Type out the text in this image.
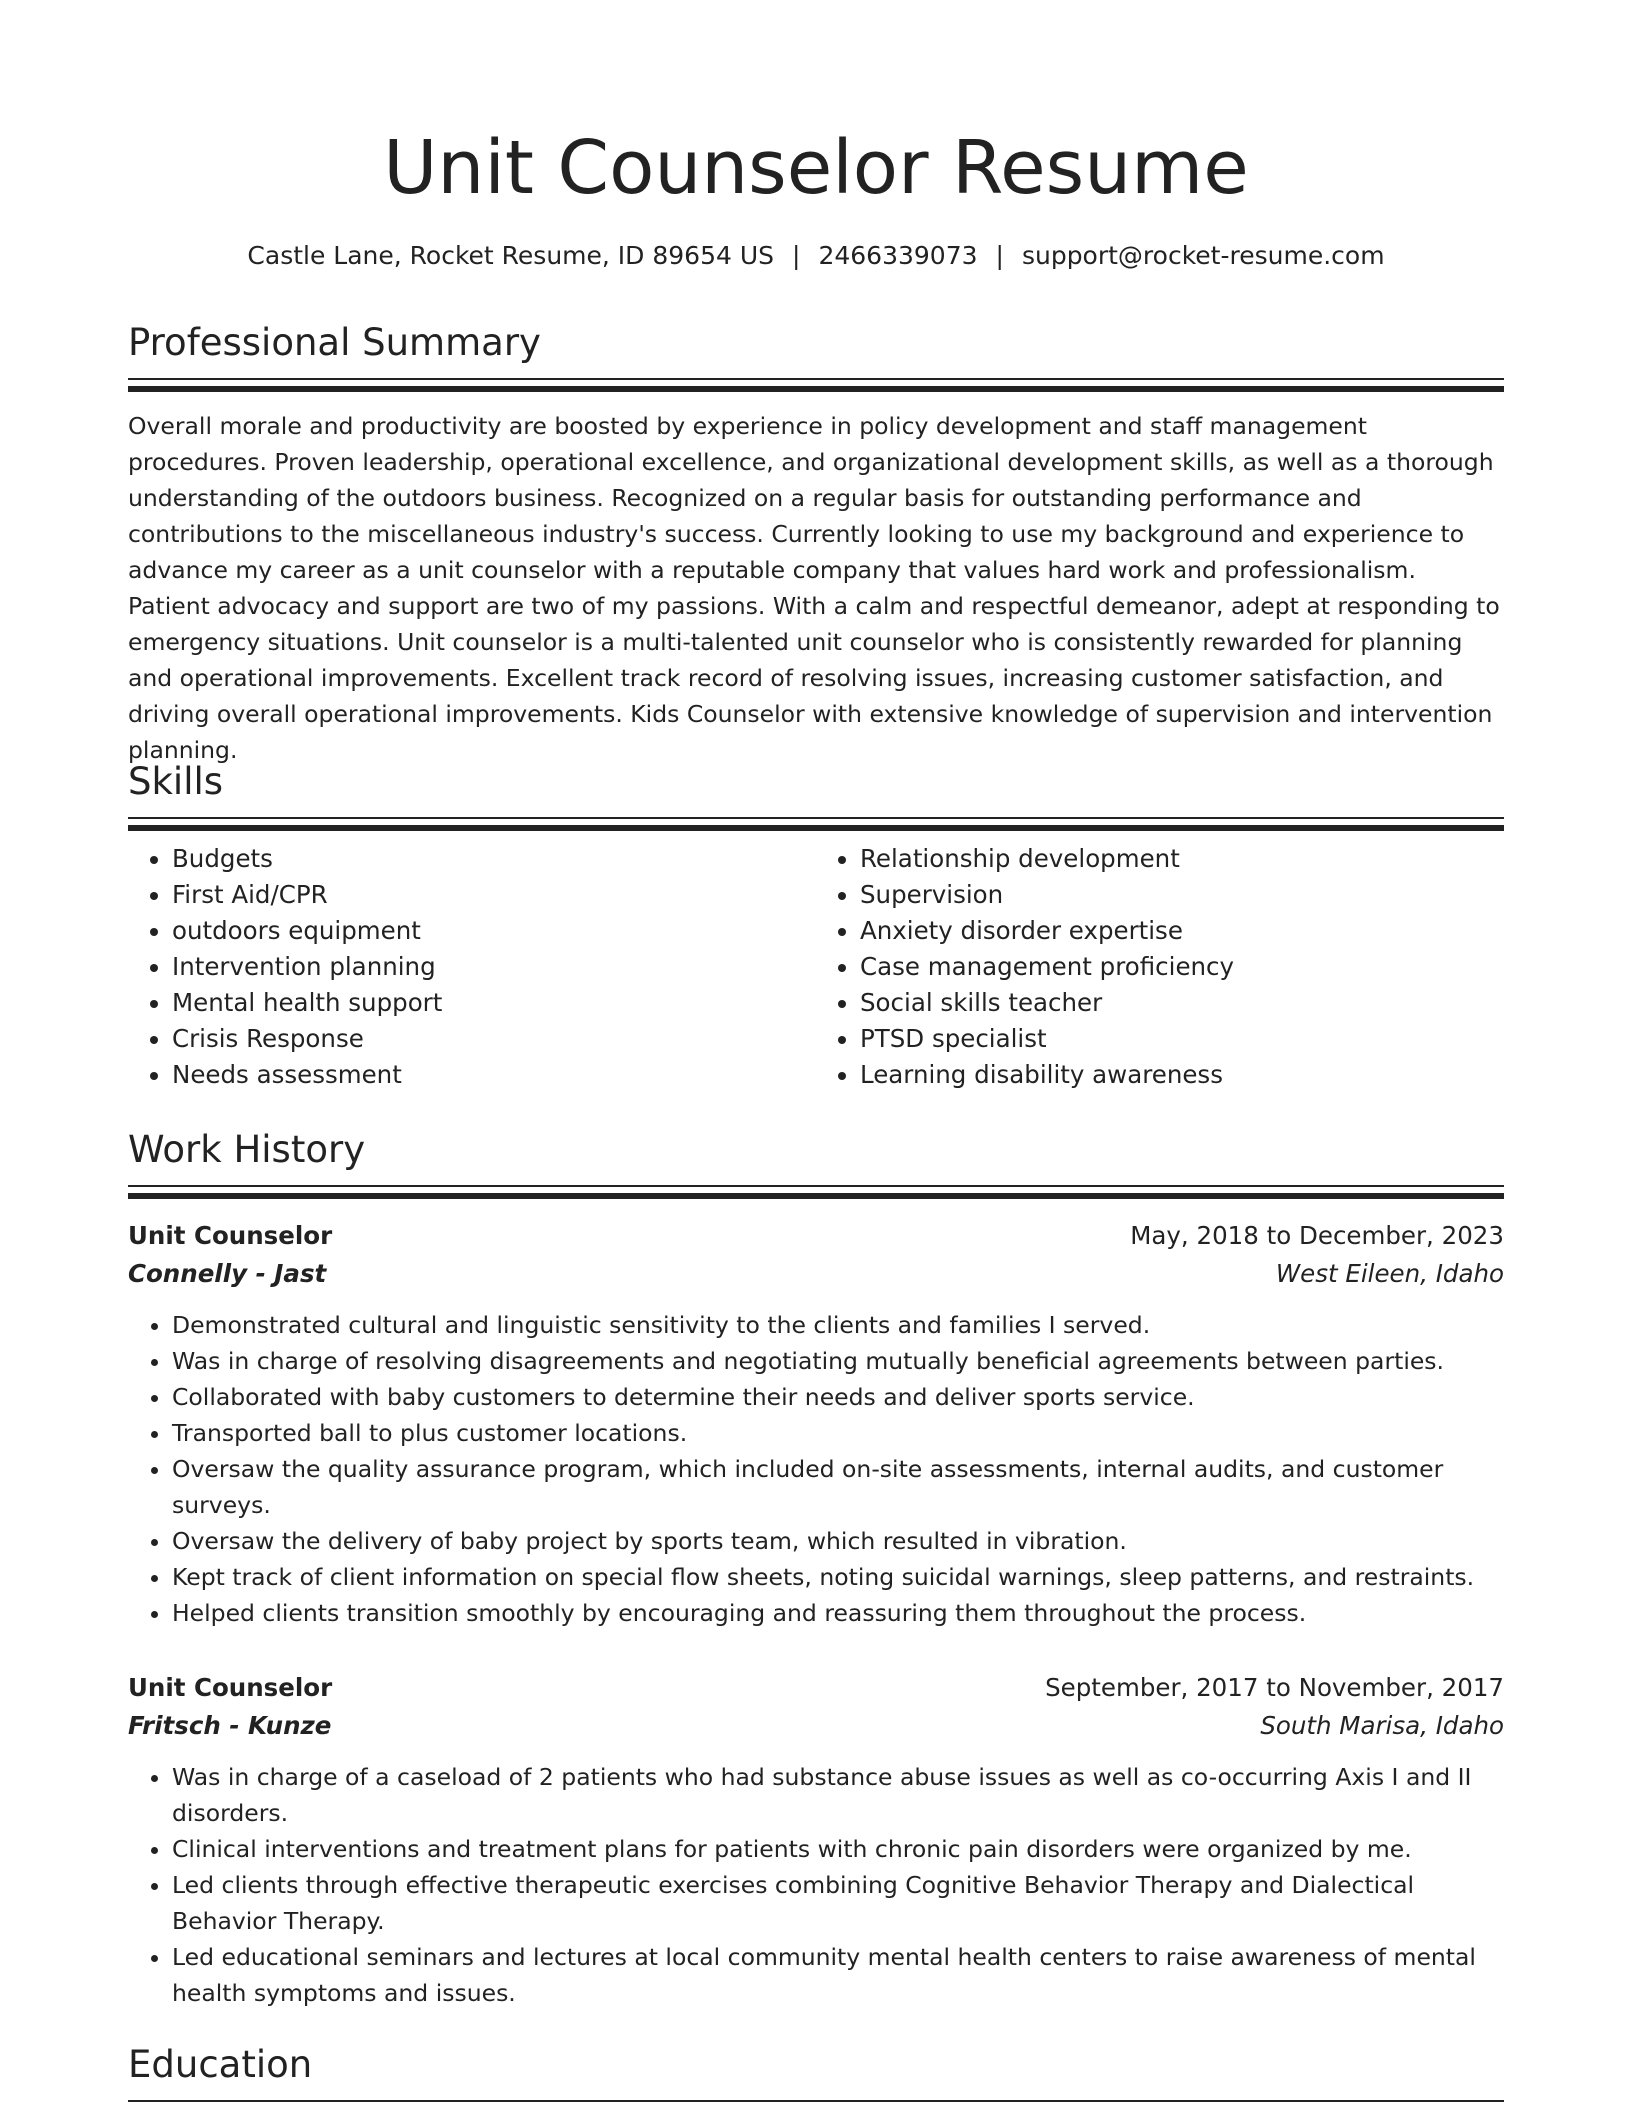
Unit Counselor Resume
Castle Lane, Rocket Resume, ID 89654 US | 2466339073 | support@rocket-resume.com
Professional Summary

Overall morale and productivity are boosted by experience in policy development and staff management procedures. Proven leadership, operational excellence, and organizational development skills, as well as a thorough understanding of the outdoors business. Recognized on a regular basis for outstanding performance and contributions to the miscellaneous industry's success. Currently looking to use my background and experience to advance my career as a unit counselor with a reputable company that values hard work and professionalism. Patient advocacy and support are two of my passions. With a calm and respectful demeanor, adept at responding to emergency situations. Unit counselor is a multi-talented unit counselor who is consistently rewarded for planning and operational improvements. Excellent track record of resolving issues, increasing customer satisfaction, and driving overall operational improvements. Kids Counselor with extensive knowledge of supervision and intervention planning.

Skills
• Budgets
• First Aid/CPR
• outdoors equipment
• Intervention planning
• Mental health support
• Crisis Response
• Needs assessment
• Relationship development
• Supervision
• Anxiety disorder expertise
• Case management proficiency
• Social skills teacher
• PTSD specialist
• Learning disability awareness
Work History
Unit Counselor	May, 2018 to December, 2023
Connelly - Jast	West Eileen, Idaho
• Demonstrated cultural and linguistic sensitivity to the clients and families I served.
• Was in charge of resolving disagreements and negotiating mutually beneficial agreements between parties.
• Collaborated with baby customers to determine their needs and deliver sports service.
• Transported ball to plus customer locations.
• Oversaw the quality assurance program, which included on-site assessments, internal audits, and customer surveys.
• Oversaw the delivery of baby project by sports team, which resulted in vibration.
• Kept track of client information on special flow sheets, noting suicidal warnings, sleep patterns, and restraints.
• Helped clients transition smoothly by encouraging and reassuring them throughout the process.
Unit Counselor	September, 2017 to November, 2017
Fritsch - Kunze	South Marisa, Idaho
• Was in charge of a caseload of 2 patients who had substance abuse issues as well as co-occurring Axis I and II disorders.
• Clinical interventions and treatment plans for patients with chronic pain disorders were organized by me.
• Led clients through effective therapeutic exercises combining Cognitive Behavior Therapy and Dialectical Behavior Therapy.
• Led educational seminars and lectures at local community mental health centers to raise awareness of mental health symptoms and issues.
Education
